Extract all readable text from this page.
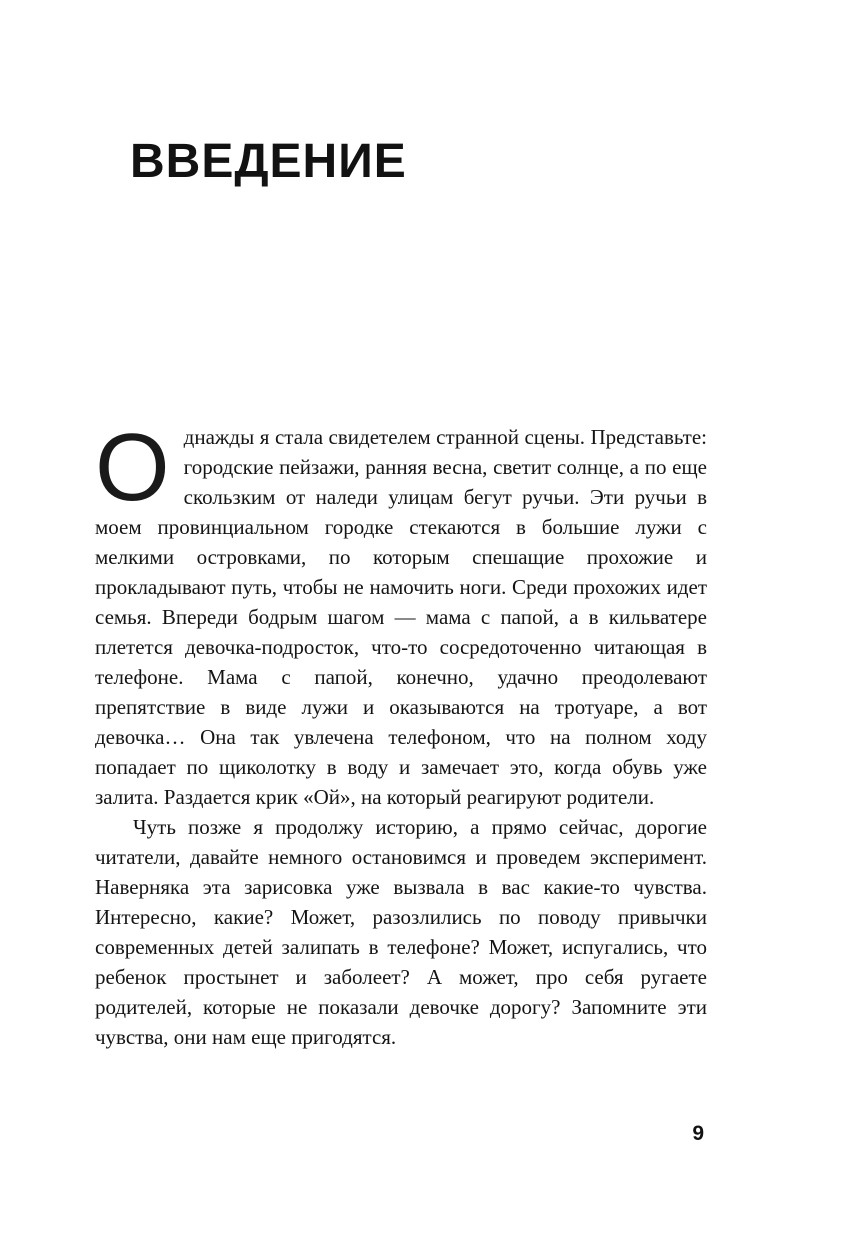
ВВЕДЕНИЕ

Однажды я стала свидетелем странной сцены. Представьте: городские пейзажи, ранняя весна, светит солнце, а по еще скользким от наледи улицам бегут ручьи. Эти ручьи в моем провинциальном городке стекаются в большие лужи с мелкими островками, по которым спешащие прохожие и прокладывают путь, чтобы не намочить ноги. Среди прохожих идет семья. Впереди бодрым шагом — мама с папой, а в кильватере плетется девочка-подросток, что-то сосредоточенно читающая в телефоне. Мама с папой, конечно, удачно преодолевают препятствие в виде лужи и оказываются на тротуаре, а вот девочка… Она так увлечена телефоном, что на полном ходу попадает по щиколотку в воду и замечает это, когда обувь уже залита. Раздается крик «Ой», на который реагируют родители.

Чуть позже я продолжу историю, а прямо сейчас, дорогие читатели, давайте немного остановимся и проведем эксперимент. Наверняка эта зарисовка уже вызвала в вас какие-то чувства. Интересно, какие? Может, разозлились по поводу привычки современных детей залипать в телефоне? Может, испугались, что ребенок простынет и заболеет? А может, про себя ругаете родителей, которые не показали девочке дорогу? Запомните эти чувства, они нам еще пригодятся.

9
